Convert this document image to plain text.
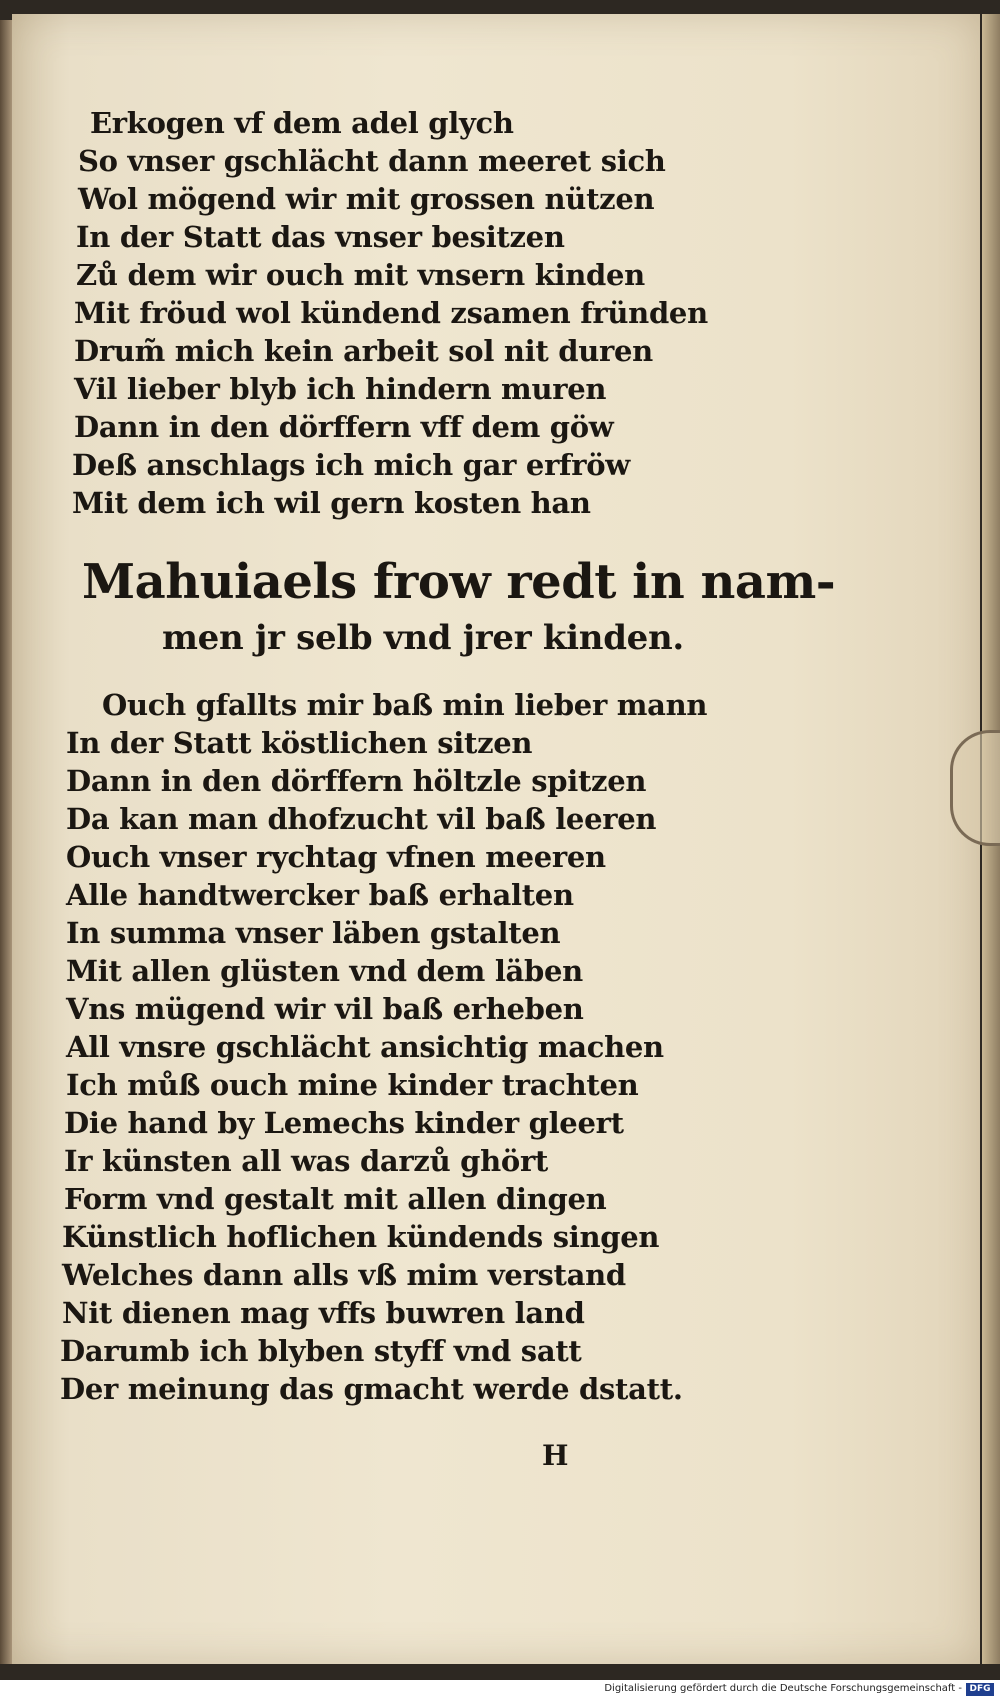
Erkogen vf dem adel glych
So vnser gschlächt dann meeret sich
Wol mögend wir mit grossen nützen
In der Statt das vnser besitzen
Zů dem wir ouch mit vnsern kinden
Mit fröud wol kündend zsamen fründen
Drum̃ mich kein arbeit sol nit duren
Vil lieber blyb ich hindern muren
Dann in den dörffern vff dem göw
Deß anschlags ich mich gar erfröw
Mit dem ich wil gern kosten han
Mahuiaels frow redt in nam-
men jr selb vnd jrer kinden.
Ouch gfallts mir baß min lieber mann
In der Statt köstlichen sitzen
Dann in den dörffern höltzle spitzen
Da kan man dhofzucht vil baß leeren
Ouch vnser rychtag vfnen meeren
Alle handtwercker baß erhalten
In summa vnser läben gstalten
Mit allen glüsten vnd dem läben
Vns mügend wir vil baß erheben
All vnsre gschlächt ansichtig machen
Ich můß ouch mine kinder trachten
Die hand by Lemechs kinder gleert
Ir künsten all was darzů ghört
Form vnd gestalt mit allen dingen
Künstlich hoflichen kündends singen
Welches dann alls vß mim verstand
Nit dienen mag vffs buwren land
Darumb ich blyben styff vnd satt
Der meinung das gmacht werde dstatt.
H
Digitalisierung gefördert durch die Deutsche Forschungsgemeinschaft - DFG
